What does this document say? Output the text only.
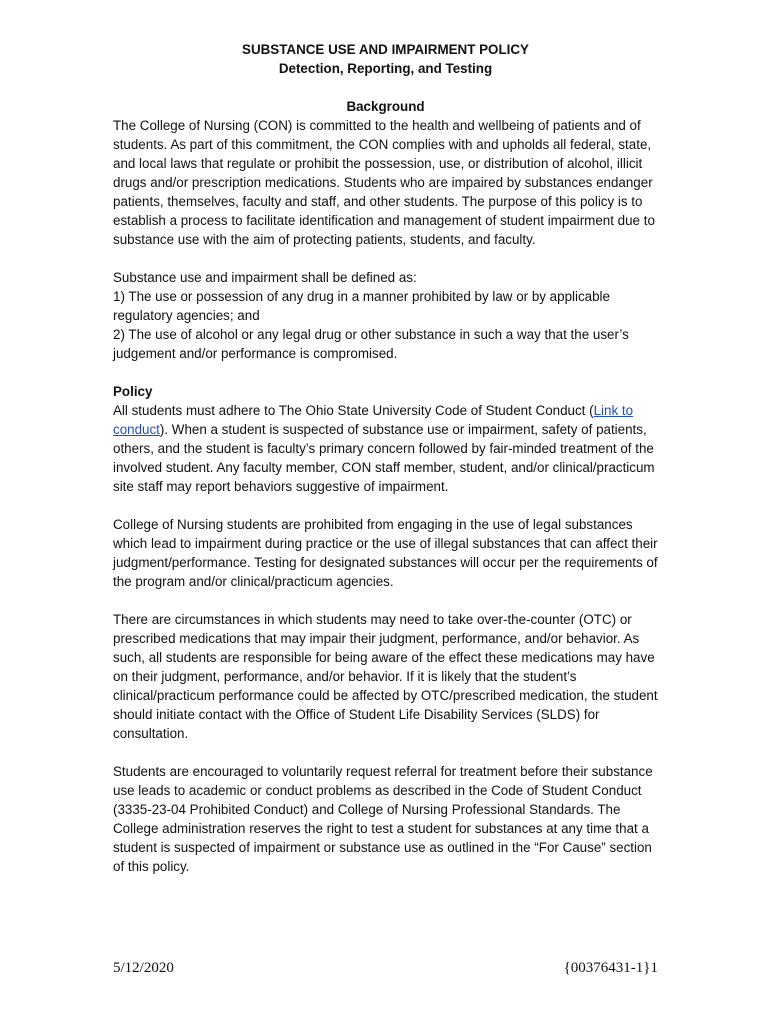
SUBSTANCE USE AND IMPAIRMENT POLICY
Detection, Reporting, and Testing
Background

The College of Nursing (CON) is committed to the health and wellbeing of patients and of students. As part of this commitment, the CON complies with and upholds all federal, state, and local laws that regulate or prohibit the possession, use, or distribution of alcohol, illicit drugs and/or prescription medications. Students who are impaired by substances endanger patients, themselves, faculty and staff, and other students. The purpose of this policy is to establish a process to facilitate identification and management of student impairment due to substance use with the aim of protecting patients, students, and faculty.

Substance use and impairment shall be defined as:

1) The use or possession of any drug in a manner prohibited by law or by applicable regulatory agencies; and

2) The use of alcohol or any legal drug or other substance in such a way that the user’s judgement and/or performance is compromised.

Policy

All students must adhere to The Ohio State University Code of Student Conduct (Link to conduct). When a student is suspected of substance use or impairment, safety of patients, others, and the student is faculty’s primary concern followed by fair-minded treatment of the involved student. Any faculty member, CON staff member, student, and/or clinical/practicum site staff may report behaviors suggestive of impairment.

College of Nursing students are prohibited from engaging in the use of legal substances which lead to impairment during practice or the use of illegal substances that can affect their judgment/performance. Testing for designated substances will occur per the requirements of the program and/or clinical/practicum agencies.

There are circumstances in which students may need to take over-the-counter (OTC) or prescribed medications that may impair their judgment, performance, and/or behavior. As such, all students are responsible for being aware of the effect these medications may have on their judgment, performance, and/or behavior. If it is likely that the student’s clinical/practicum performance could be affected by OTC/prescribed medication, the student should initiate contact with the Office of Student Life Disability Services (SLDS) for consultation.

Students are encouraged to voluntarily request referral for treatment before their substance use leads to academic or conduct problems as described in the Code of Student Conduct (3335-23-04 Prohibited Conduct) and College of Nursing Professional Standards. The College administration reserves the right to test a student for substances at any time that a student is suspected of impairment or substance use as outlined in the “For Cause” section of this policy.

5/12/2020	{00376431-1}1
